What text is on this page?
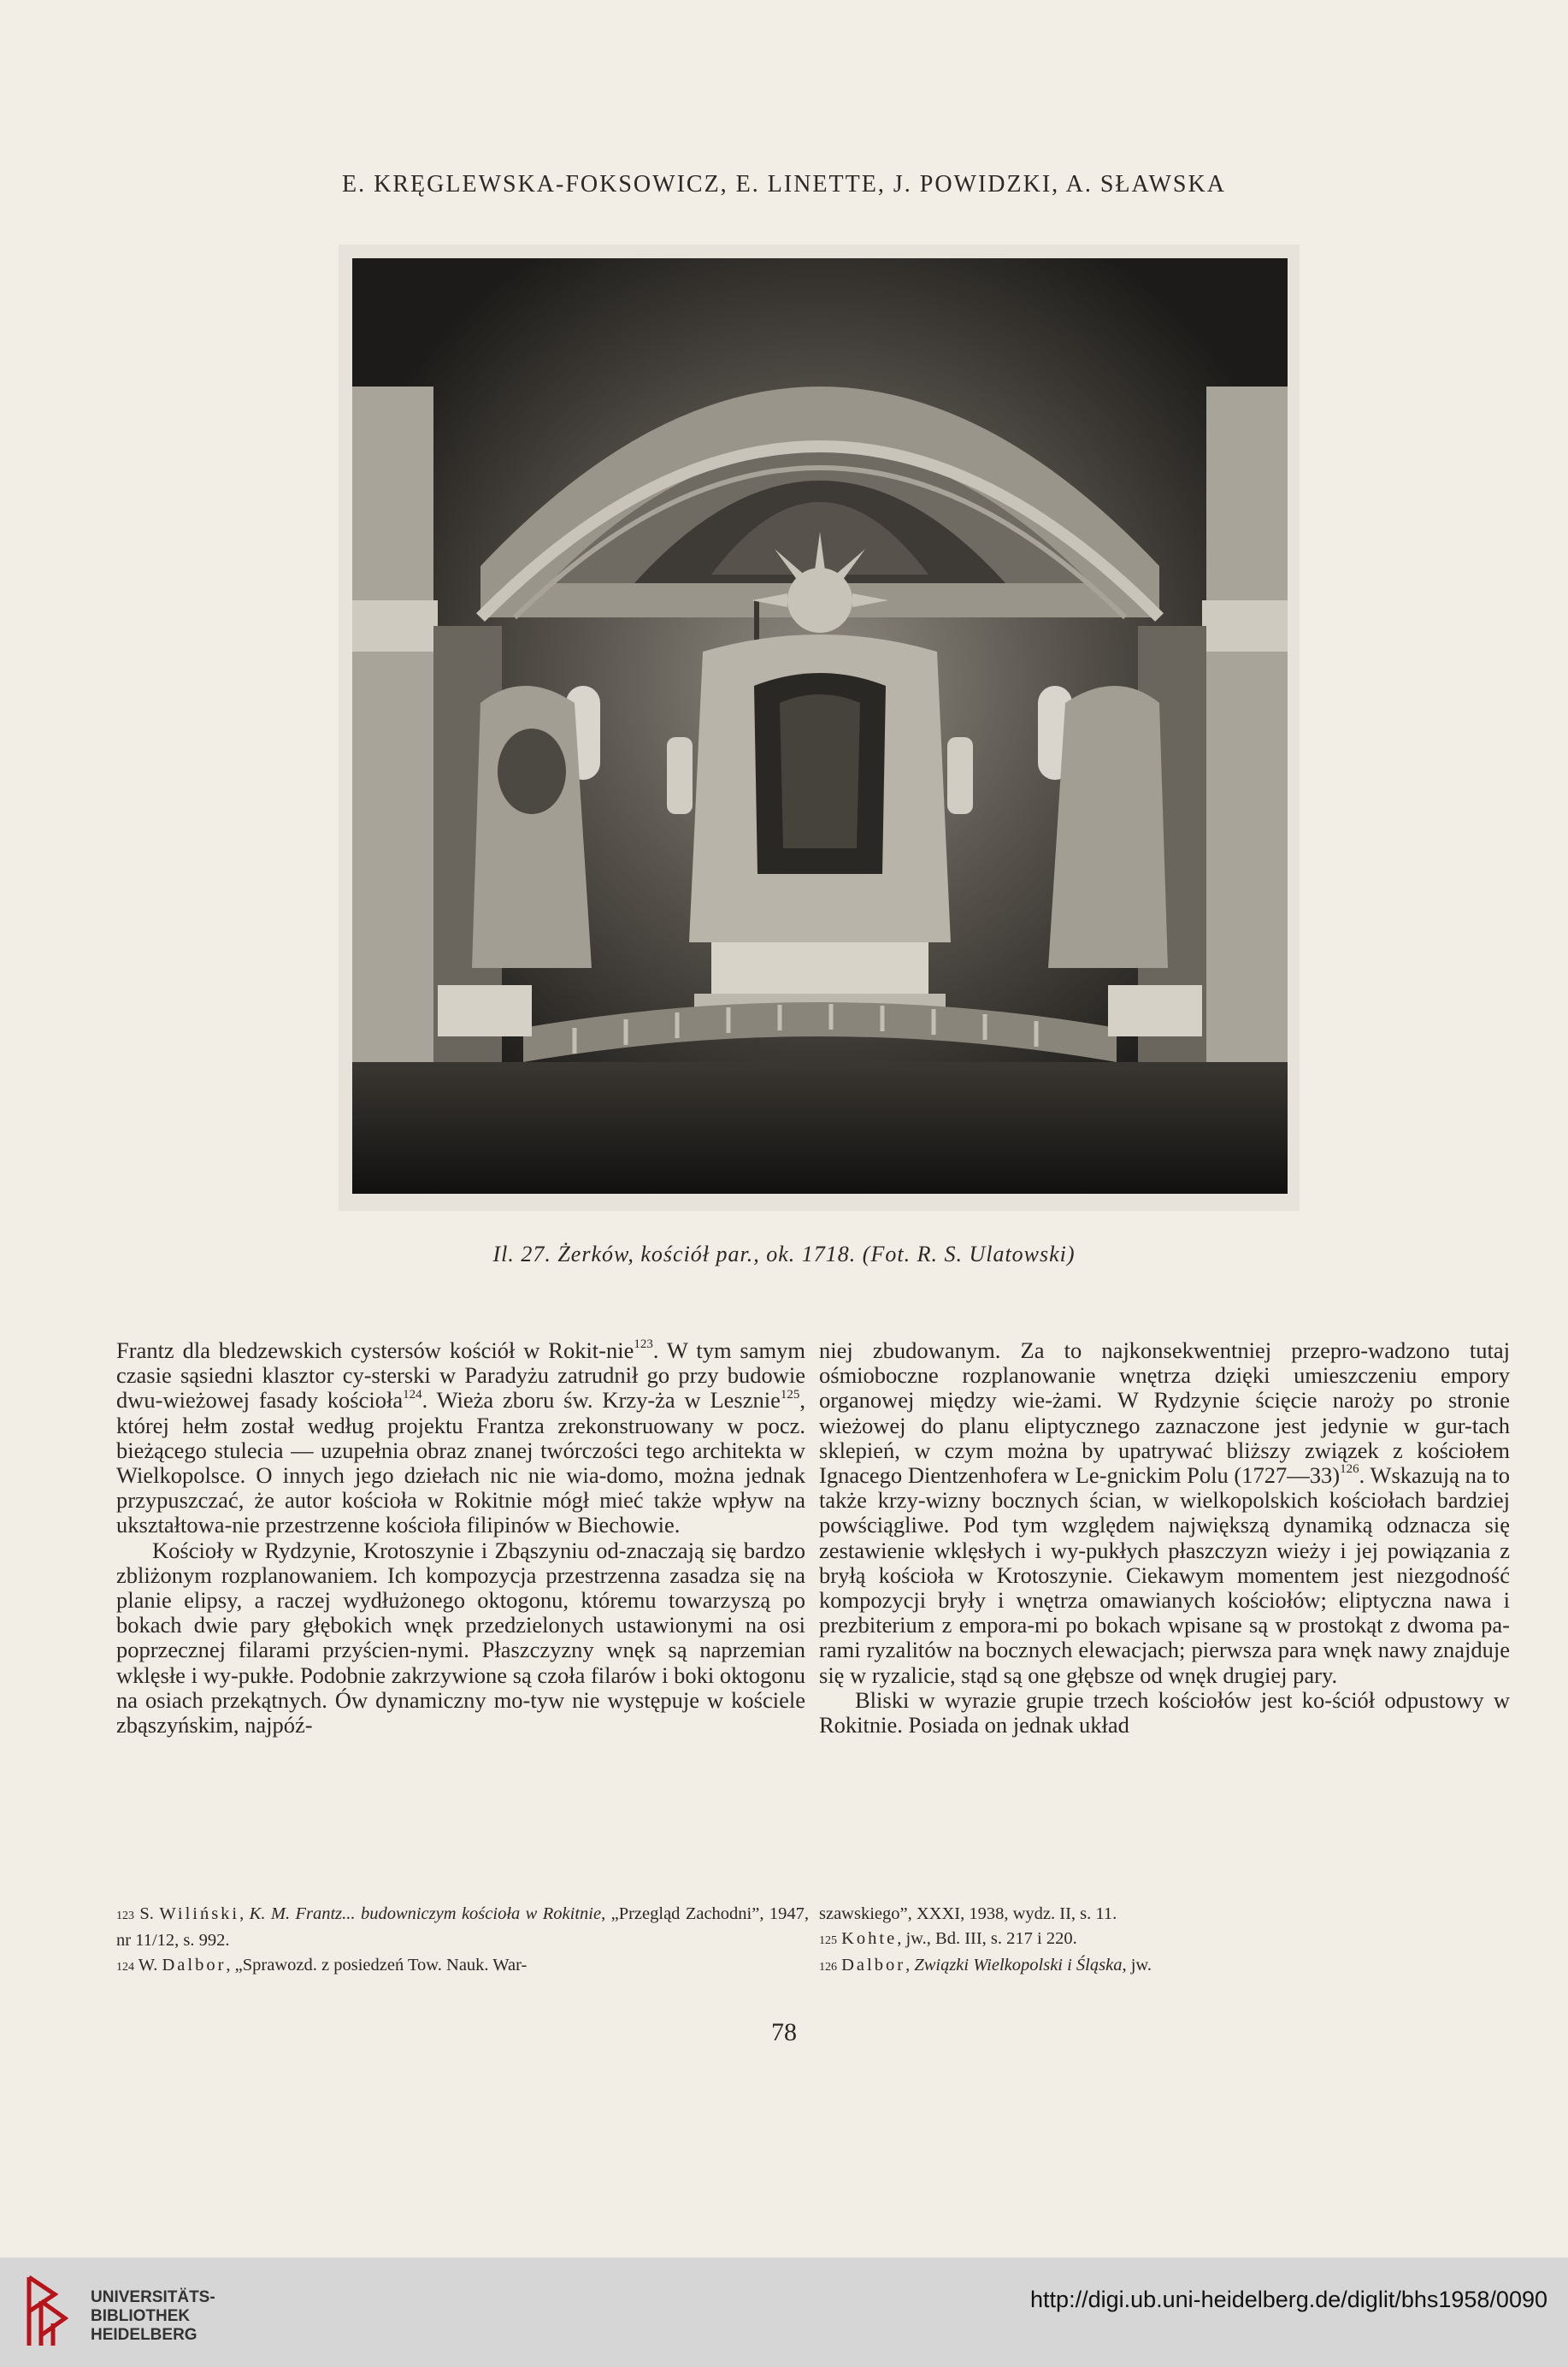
E. KRĘGLEWSKA-FOKSOWICZ, E. LINETTE, J. POWIDZKI, A. SŁAWSKA
Il. 27. Żerków, kościół par., ok. 1718. (Fot. R. S. Ulatowski)

Frantz dla bledzewskich cystersów kościół w Rokit-nie$^{123}$. W tym samym czasie sąsiedni klasztor cy-sterski w Paradyżu zatrudnił go przy budowie dwu-wieżowej fasady kościoła$^{124}$. Wieża zboru św. Krzy-ża w Lesznie$^{125}$, której hełm został według projektu Frantza zrekonstruowany w pocz. bieżącego stulecia — uzupełnia obraz znanej twórczości tego architekta w Wielkopolsce. O innych jego dziełach nic nie wia-domo, można jednak przypuszczać, że autor kościoła w Rokitnie mógł mieć także wpływ na ukształtowa-nie przestrzenne kościoła filipinów w Biechowie.

Kościoły w Rydzynie, Krotoszynie i Zbąszyniu od-znaczają się bardzo zbliżonym rozplanowaniem. Ich kompozycja przestrzenna zasadza się na planie elipsy, a raczej wydłużonego oktogonu, któremu towarzyszą po bokach dwie pary głębokich wnęk przedzielonych ustawionymi na osi poprzecznej filarami przyścien-nymi. Płaszczyzny wnęk są naprzemian wklęsłe i wy-pukłe. Podobnie zakrzywione są czoła filarów i boki oktogonu na osiach przekątnych. Ów dynamiczny mo-tyw nie występuje w kościele zbąszyńskim, najpóź-

niej zbudowanym. Za to najkonsekwentniej przepro-wadzono tutaj ośmioboczne rozplanowanie wnętrza dzięki umieszczeniu empory organowej między wie-żami. W Rydzynie ścięcie naroży po stronie wieżowej do planu eliptycznego zaznaczone jest jedynie w gur-tach sklepień, w czym można by upatrywać bliższy związek z kościołem Ignacego Dientzenhofera w Le-gnickim Polu (1727—33)$^{126}$. Wskazują na to także krzy-wizny bocznych ścian, w wielkopolskich kościołach bardziej powściągliwe. Pod tym względem największą dynamiką odznacza się zestawienie wklęsłych i wy-pukłych płaszczyzn wieży i jej powiązania z bryłą kościoła w Krotoszynie. Ciekawym momentem jest niezgodność kompozycji bryły i wnętrza omawianych kościołów; eliptyczna nawa i prezbiterium z empora-mi po bokach wpisane są w prostokąt z dwoma pa-rami ryzalitów na bocznych elewacjach; pierwsza para wnęk nawy znajduje się w ryzalicie, stąd są one głębsze od wnęk drugiej pary.

Bliski w wyrazie grupie trzech kościołów jest ko-ściół odpustowy w Rokitnie. Posiada on jednak układ

123 S. Wiliński, K. M. Frantz... budowniczym kościoła w Rokitnie, „Przegląd Zachodni”, 1947, nr 11/12, s. 992.

124 W. Dalbor, „Sprawozd. z posiedzeń Tow. Nauk. War-

szawskiego”, XXXI, 1938, wydz. II, s. 11.

125 Kohte, jw., Bd. III, s. 217 i 220.

126 Dalbor, Związki Wielkopolski i Śląska, jw.

78
UNIVERSITÄTS-
BIBLIOTHEK
HEIDELBERG
http://digi.ub.uni-heidelberg.de/diglit/bhs1958/0090
